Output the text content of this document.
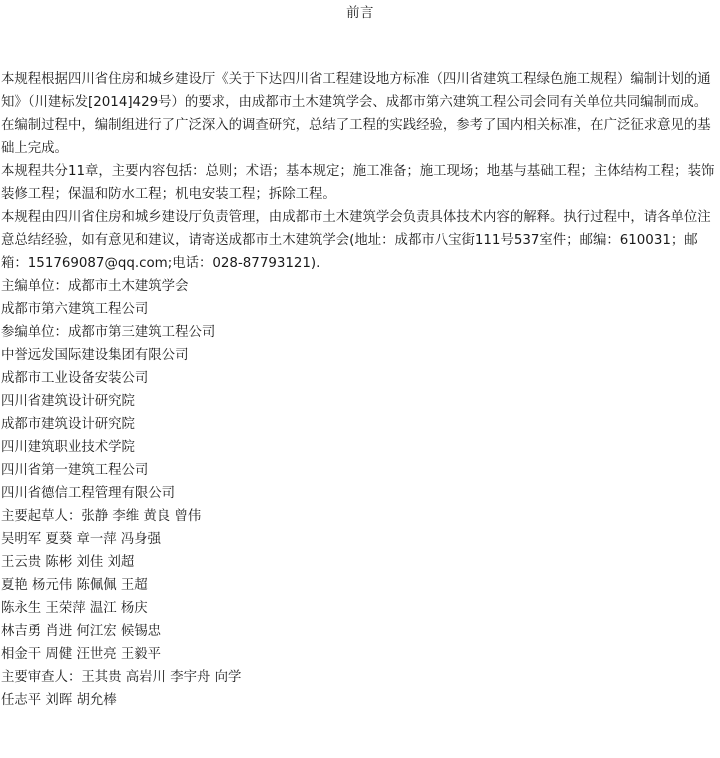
前言

本规程根据四川省住房和城乡建设厅《关于下达四川省工程建设地方标准（四川省建筑工程绿色施工规程）编制计划的通知》（川建标发[2014]429号）的要求，由成都市土木建筑学会、成都市第六建筑工程公司会同有关单位共同编制而成。

在编制过程中，编制组进行了广泛深入的调查研究，总结了工程的实践经验，参考了国内相关标准，在广泛征求意见的基础上完成。

本规程共分11章，主要内容包括：总则；术语；基本规定；施工准备；施工现场；地基与基础工程；主体结构工程；装饰装修工程；保温和防水工程；机电安装工程；拆除工程。

本规程由四川省住房和城乡建设厅负责管理，由成都市土木建筑学会负责具体技术内容的解释。执行过程中，请各单位注意总结经验，如有意见和建议，请寄送成都市土木建筑学会(地址：成都市八宝街111号537室件；邮编：610031；邮箱：151769087@qq.com;电话：028-87793121).

主编单位：成都市土木建筑学会

成都市第六建筑工程公司

参编单位：成都市第三建筑工程公司

中誉远发国际建设集团有限公司

成都市工业设备安装公司

四川省建筑设计研究院

成都市建筑设计研究院

四川建筑职业技术学院

四川省第一建筑工程公司

四川省德信工程管理有限公司

主要起草人：张静 李维 黄良 曾伟

吴明军 夏葵 章一萍 冯身强

王云贵 陈彬 刘佳 刘超

夏艳 杨元伟 陈佩佩 王超

陈永生 王荣萍 温江 杨庆

林吉勇 肖进 何江宏 候锡忠

相金干 周健 汪世亮 王毅平

主要审查人：王其贵 高岩川 李宇舟 向学

任志平 刘晖 胡允棒
